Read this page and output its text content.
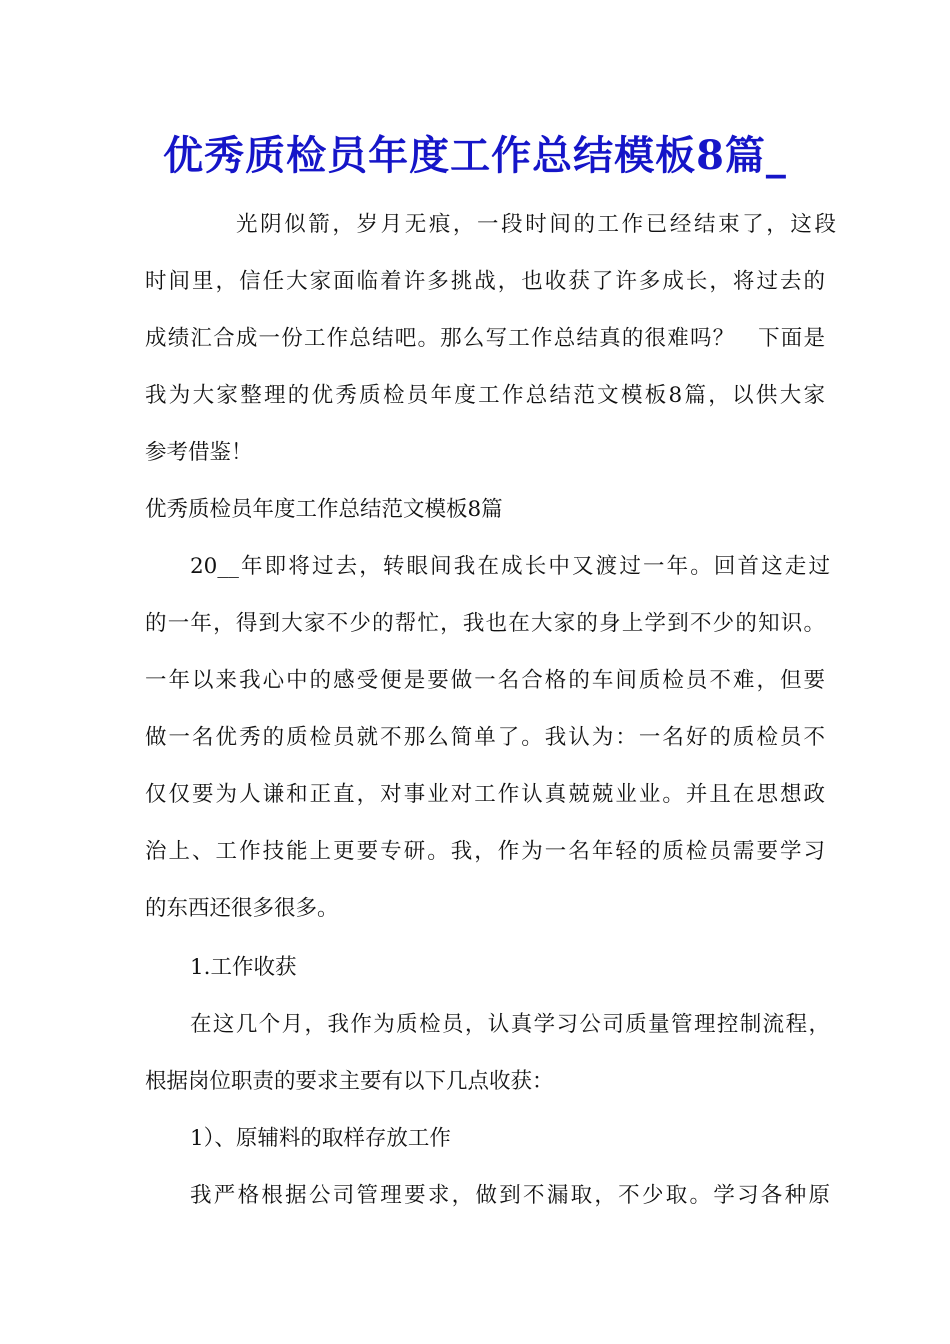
优秀质检员年度工作总结模板8篇_
光阴似箭，岁月无痕，一段时间的工作已经结束了，这段
时间里，信任大家面临着许多挑战，也收获了许多成长，将过去的
成绩汇合成一份工作总结吧。那么写工作总结真的很难吗？　下面是
我为大家整理的优秀质检员年度工作总结范文模板8篇，以供大家
参考借鉴！
优秀质检员年度工作总结范文模板8篇
20__年即将过去，转眼间我在成长中又渡过一年。回首这走过
的一年，得到大家不少的帮忙，我也在大家的身上学到不少的知识。
一年以来我心中的感受便是要做一名合格的车间质检员不难，但要
做一名优秀的质检员就不那么简单了。我认为：一名好的质检员不
仅仅要为人谦和正直，对事业对工作认真兢兢业业。并且在思想政
治上、工作技能上更要专研。我，作为一名年轻的质检员需要学习
的东西还很多很多。
1.工作收获
在这几个月，我作为质检员，认真学习公司质量管理控制流程，
根据岗位职责的要求主要有以下几点收获：
1）、原辅料的取样存放工作
我严格根据公司管理要求，做到不漏取，不少取。学习各种原
